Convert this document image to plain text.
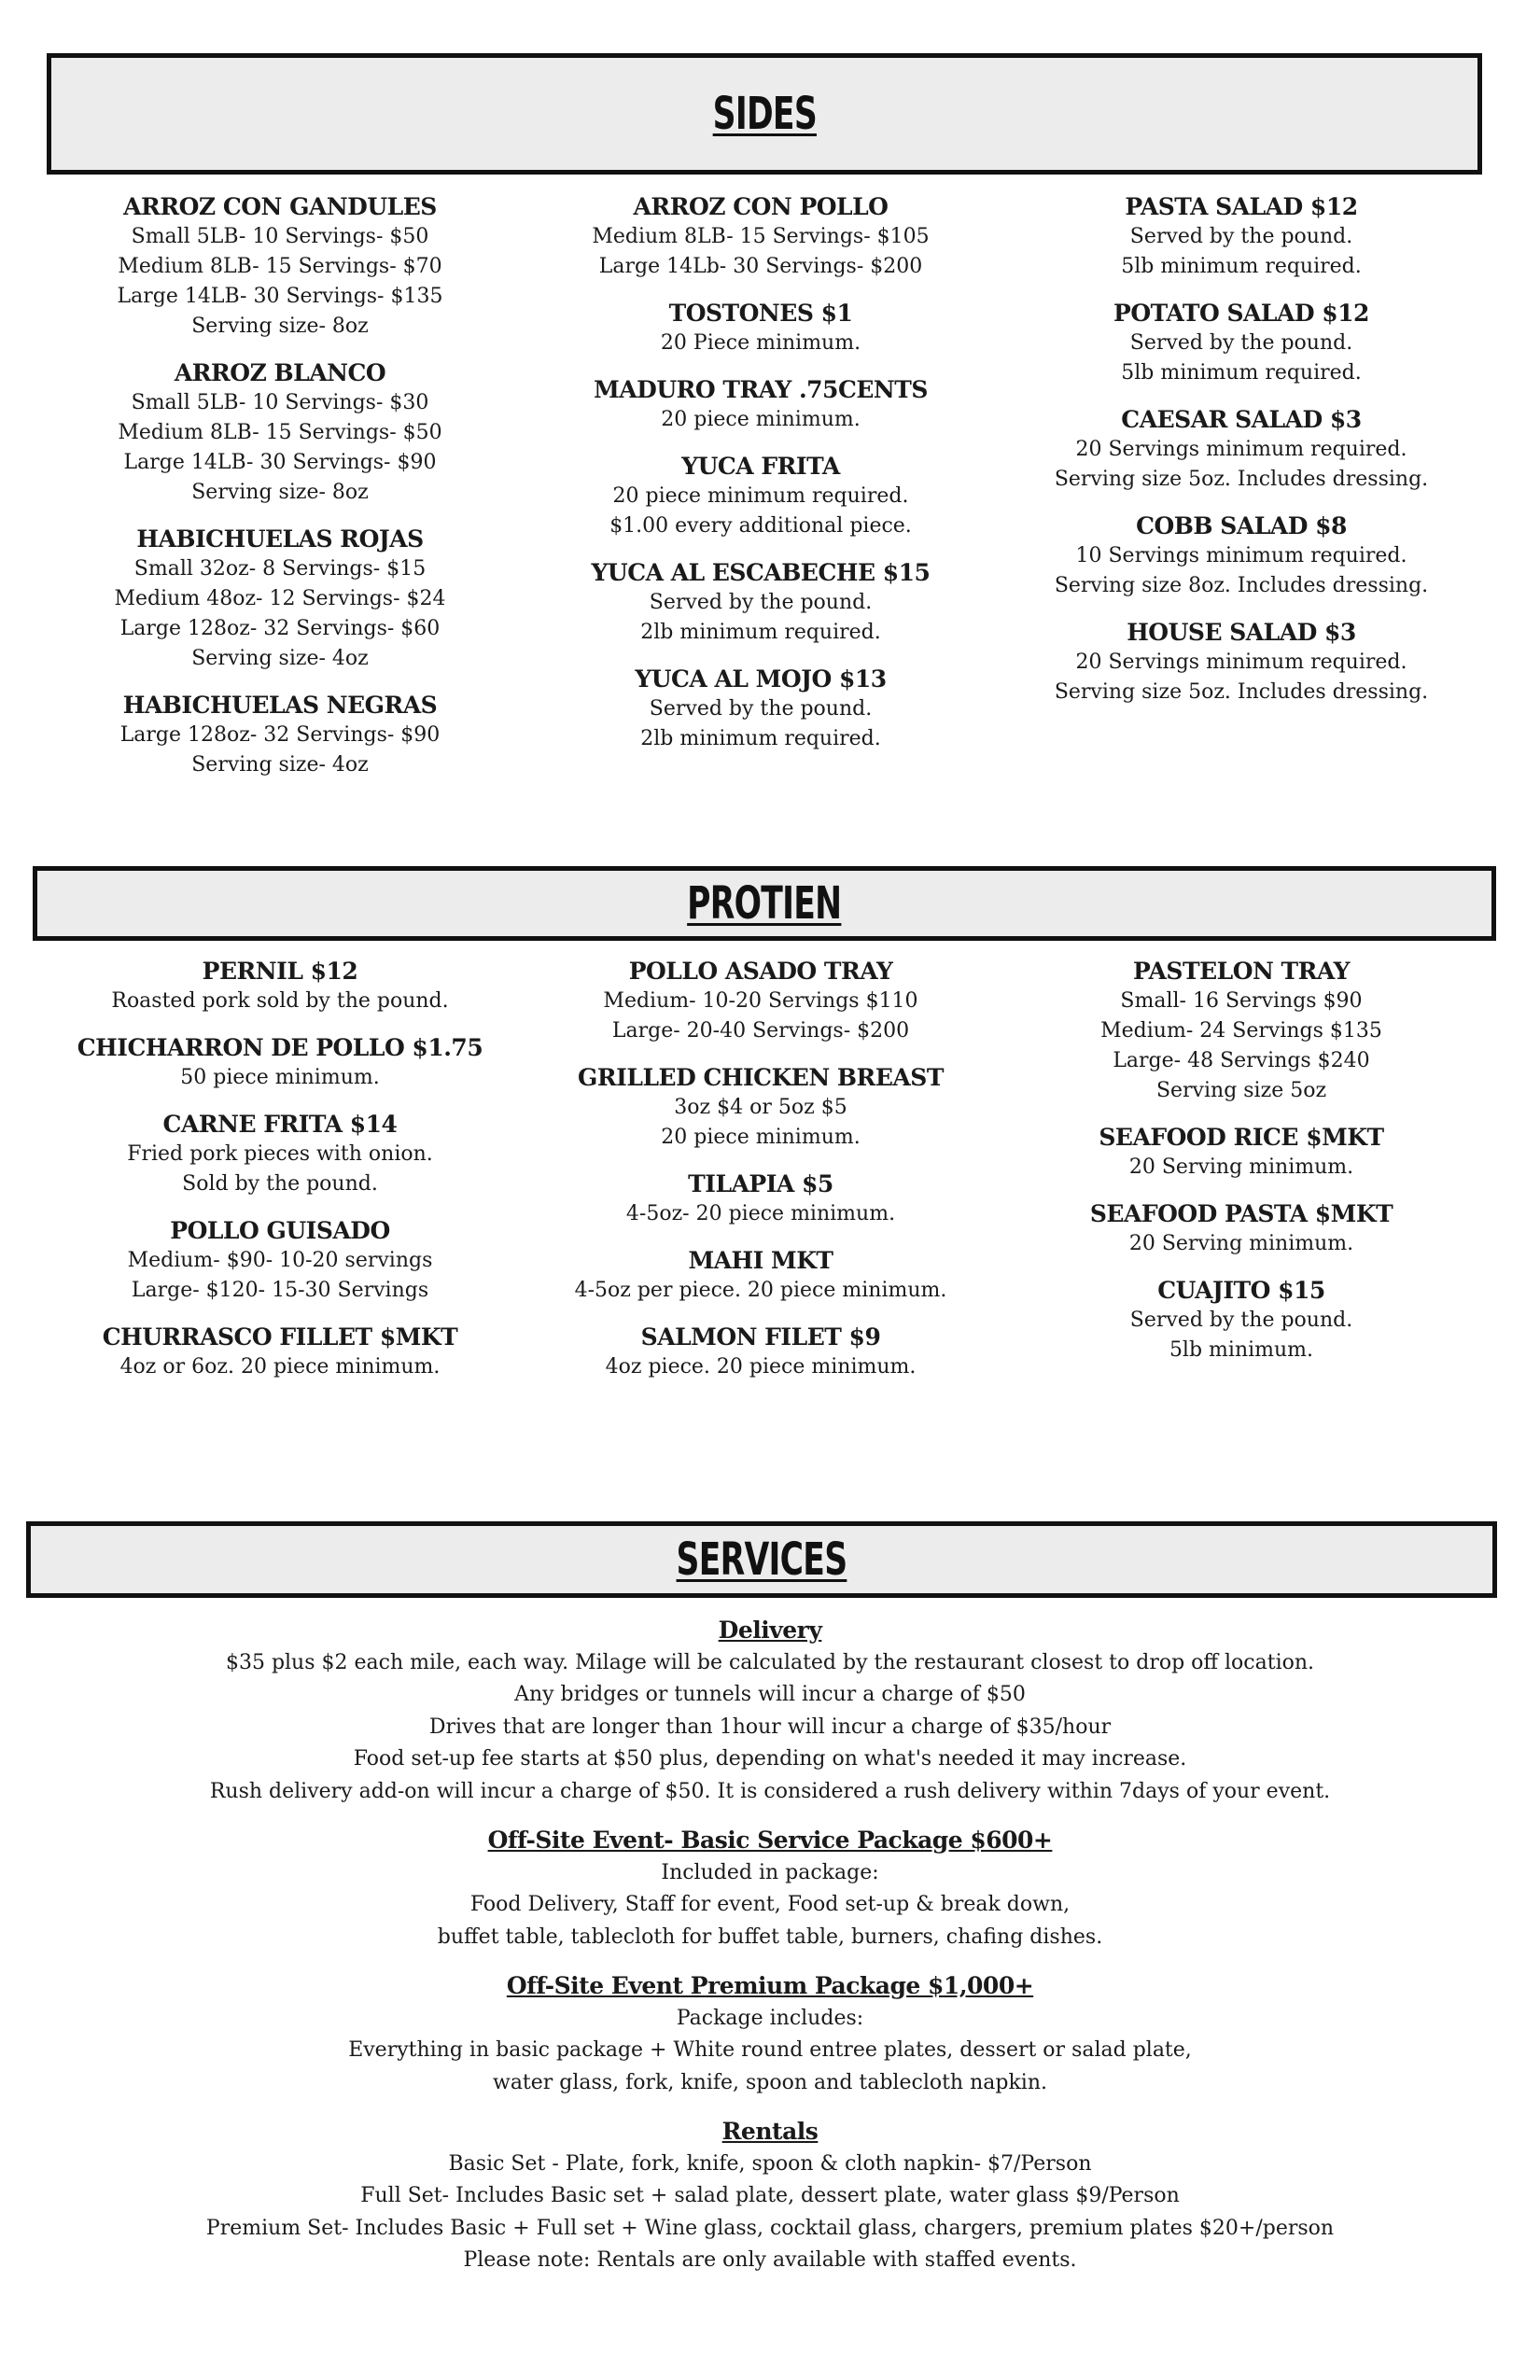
SIDES
ARROZ CON GANDULES
Small 5LB- 10 Servings- $50
Medium 8LB- 15 Servings- $70
Large 14LB- 30 Servings- $135
Serving size- 8oz
ARROZ BLANCO
Small 5LB- 10 Servings- $30
Medium 8LB- 15 Servings- $50
Large 14LB- 30 Servings- $90
Serving size- 8oz
HABICHUELAS ROJAS
Small 32oz- 8 Servings- $15
Medium 48oz- 12 Servings- $24
Large 128oz- 32 Servings- $60
Serving size- 4oz
HABICHUELAS NEGRAS
Large 128oz- 32 Servings- $90
Serving size- 4oz
ARROZ CON POLLO
Medium 8LB- 15 Servings- $105
Large 14Lb- 30 Servings- $200
TOSTONES $1
20 Piece minimum.
MADURO TRAY .75CENTS
20 piece minimum.
YUCA FRITA
20 piece minimum required.
$1.00 every additional piece.
YUCA AL ESCABECHE $15
Served by the pound.
2lb minimum required.
YUCA AL MOJO $13
Served by the pound.
2lb minimum required.
PASTA SALAD $12
Served by the pound.
5lb minimum required.
POTATO SALAD $12
Served by the pound.
5lb minimum required.
CAESAR SALAD $3
20 Servings minimum required.
Serving size 5oz. Includes dressing.
COBB SALAD $8
10 Servings minimum required.
Serving size 8oz. Includes dressing.
HOUSE SALAD $3
20 Servings minimum required.
Serving size 5oz. Includes dressing.
PROTIEN
PERNIL $12
Roasted pork sold by the pound.
CHICHARRON DE POLLO $1.75
50 piece minimum.
CARNE FRITA $14
Fried pork pieces with onion.
Sold by the pound.
POLLO GUISADO
Medium- $90- 10-20 servings
Large- $120- 15-30 Servings
CHURRASCO FILLET $MKT
4oz or 6oz. 20 piece minimum.
POLLO ASADO TRAY
Medium- 10-20 Servings $110
Large- 20-40 Servings- $200
GRILLED CHICKEN BREAST
3oz $4 or 5oz $5
20 piece minimum.
TILAPIA $5
4-5oz- 20 piece minimum.
MAHI MKT
4-5oz per piece. 20 piece minimum.
SALMON FILET $9
4oz piece. 20 piece minimum.
PASTELON TRAY
Small- 16 Servings $90
Medium- 24 Servings $135
Large- 48 Servings $240
Serving size 5oz
SEAFOOD RICE $MKT
20 Serving minimum.
SEAFOOD PASTA $MKT
20 Serving minimum.
CUAJITO $15
Served by the pound.
5lb minimum.
SERVICES
Delivery
$35 plus $2 each mile, each way. Milage will be calculated by the restaurant closest to drop off location.
Any bridges or tunnels will incur a charge of $50
Drives that are longer than 1hour will incur a charge of $35/hour
Food set-up fee starts at $50 plus, depending on what's needed it may increase.
Rush delivery add-on will incur a charge of $50. It is considered a rush delivery within 7days of your event.
Off-Site Event- Basic Service Package $600+
Included in package:
Food Delivery, Staff for event, Food set-up & break down,
buffet table, tablecloth for buffet table, burners, chafing dishes.
Off-Site Event Premium Package $1,000+
Package includes:
Everything in basic package + White round entree plates, dessert or salad plate,
water glass, fork, knife, spoon and tablecloth napkin.
Rentals
Basic Set - Plate, fork, knife, spoon & cloth napkin- $7/Person
Full Set- Includes Basic set + salad plate, dessert plate, water glass $9/Person
Premium Set- Includes Basic + Full set + Wine glass, cocktail glass, chargers, premium plates $20+/person
Please note: Rentals are only available with staffed events.
